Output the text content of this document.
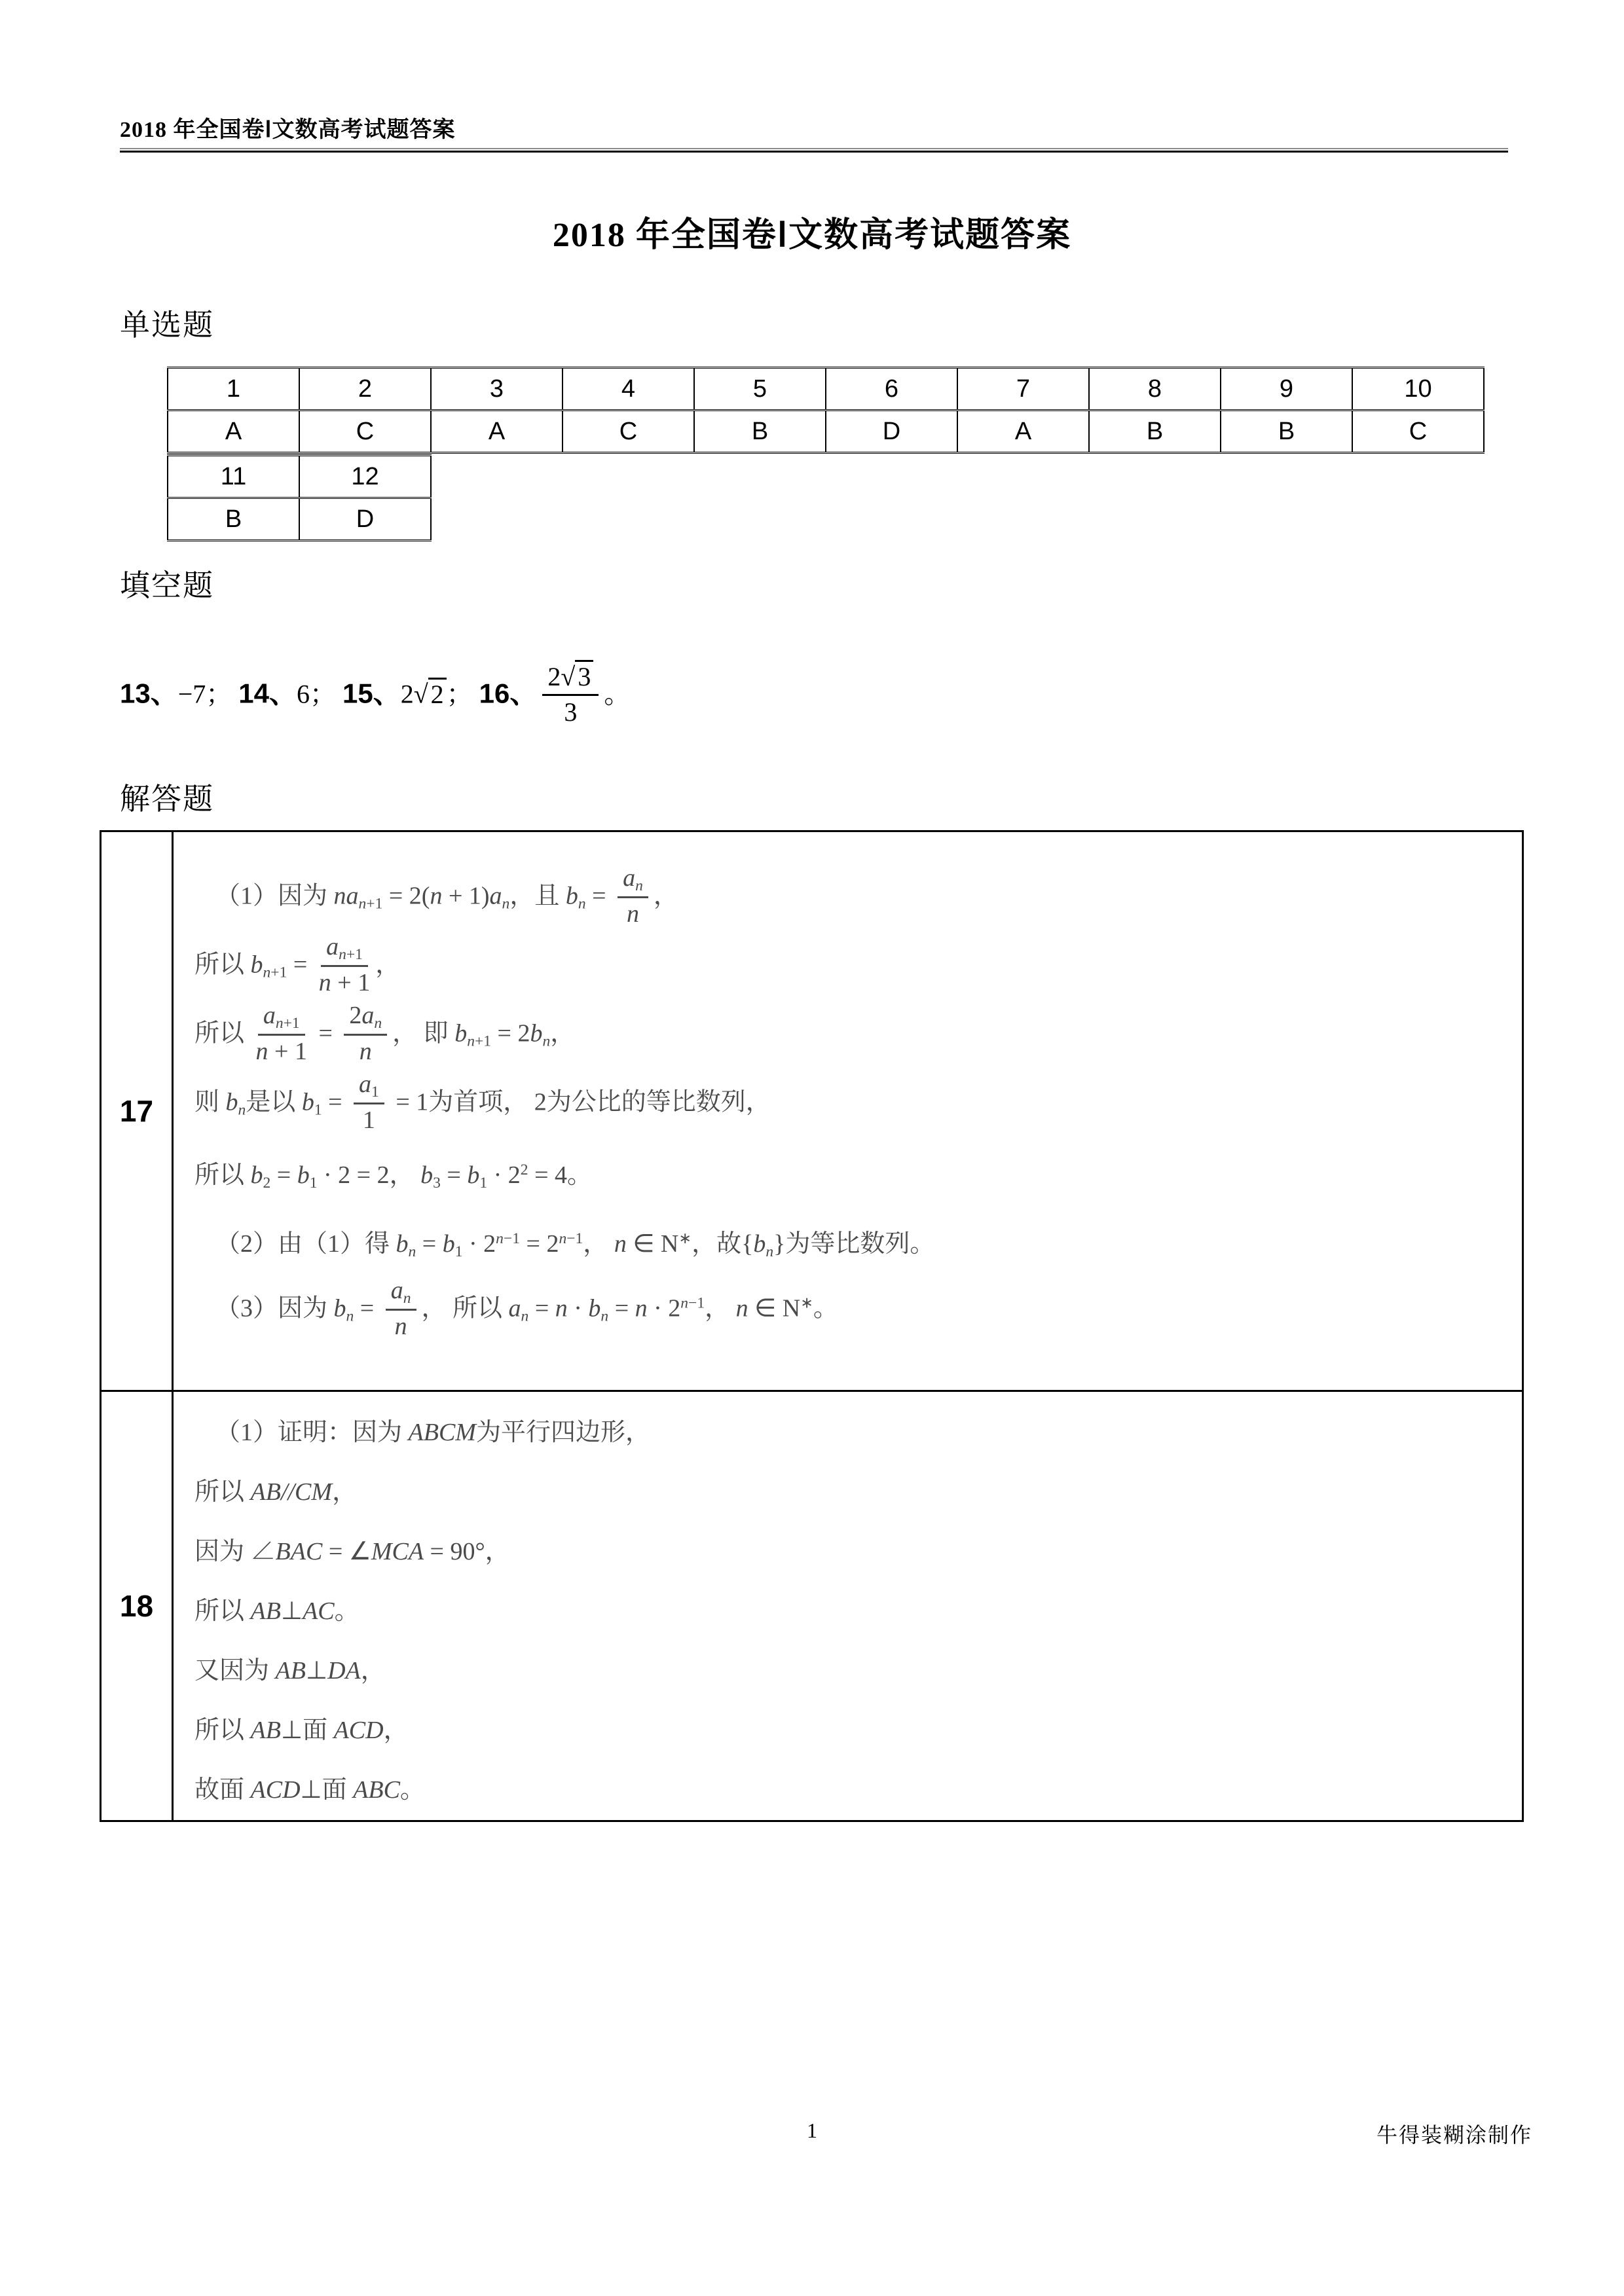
2018 年全国卷Ⅰ文数高考试题答案
2018 年全国卷Ⅰ文数高考试题答案
单选题
1	2	3	4	5	6	7	8	9	10
A	C	A	C	B	D	A	B	B	C
11	12
B	D
填空题
13、−7； 14、6； 15、2√ 2 ； 16、 $\frac{2√ 3}{3}$ 。
解答题
17
（1）因为 $na_{n+1} = 2(n + 1)a_n$，且 $b_n = \frac{a_n}{n}$ ，
所以 $b_{n+1} = \frac{a_{n+1}}{n + 1}$ ，
所以 $\frac{a_{n+1}}{n + 1} = \frac{2a_n}{n}$ ， 即 $b_{n+1} = 2b_n$，
则 $b_n$是以 $b_1 = \frac{a_1}{1} = 1$为首项， 2为公比的等比数列，
所以 $b_2 = b_1 \cdot 2 = 2$， $b_3 = b_1 \cdot 2^2 = 4$。
（2）由（1）得 $b_n = b_1 \cdot 2^{n-1} = 2^{n-1}$， n ∈ N∗，故$\{b_n\}$为等比数列。
（3）因为 $b_n = \frac{a_n}{n}$ ， 所以 $a_n = n \cdot b_n = n \cdot 2^{n-1}$， n ∈ N∗。
18
（1）证明：因为 ABCM为平行四边形，
所以 AB//CM，
因为 ∠BAC = ∠MCA = 90°，
所以 AB⊥AC。
又因为 AB⊥DA，
所以 AB⊥面 ACD，
故面 ACD⊥面 ABC。
1	牛得装糊涂制作
